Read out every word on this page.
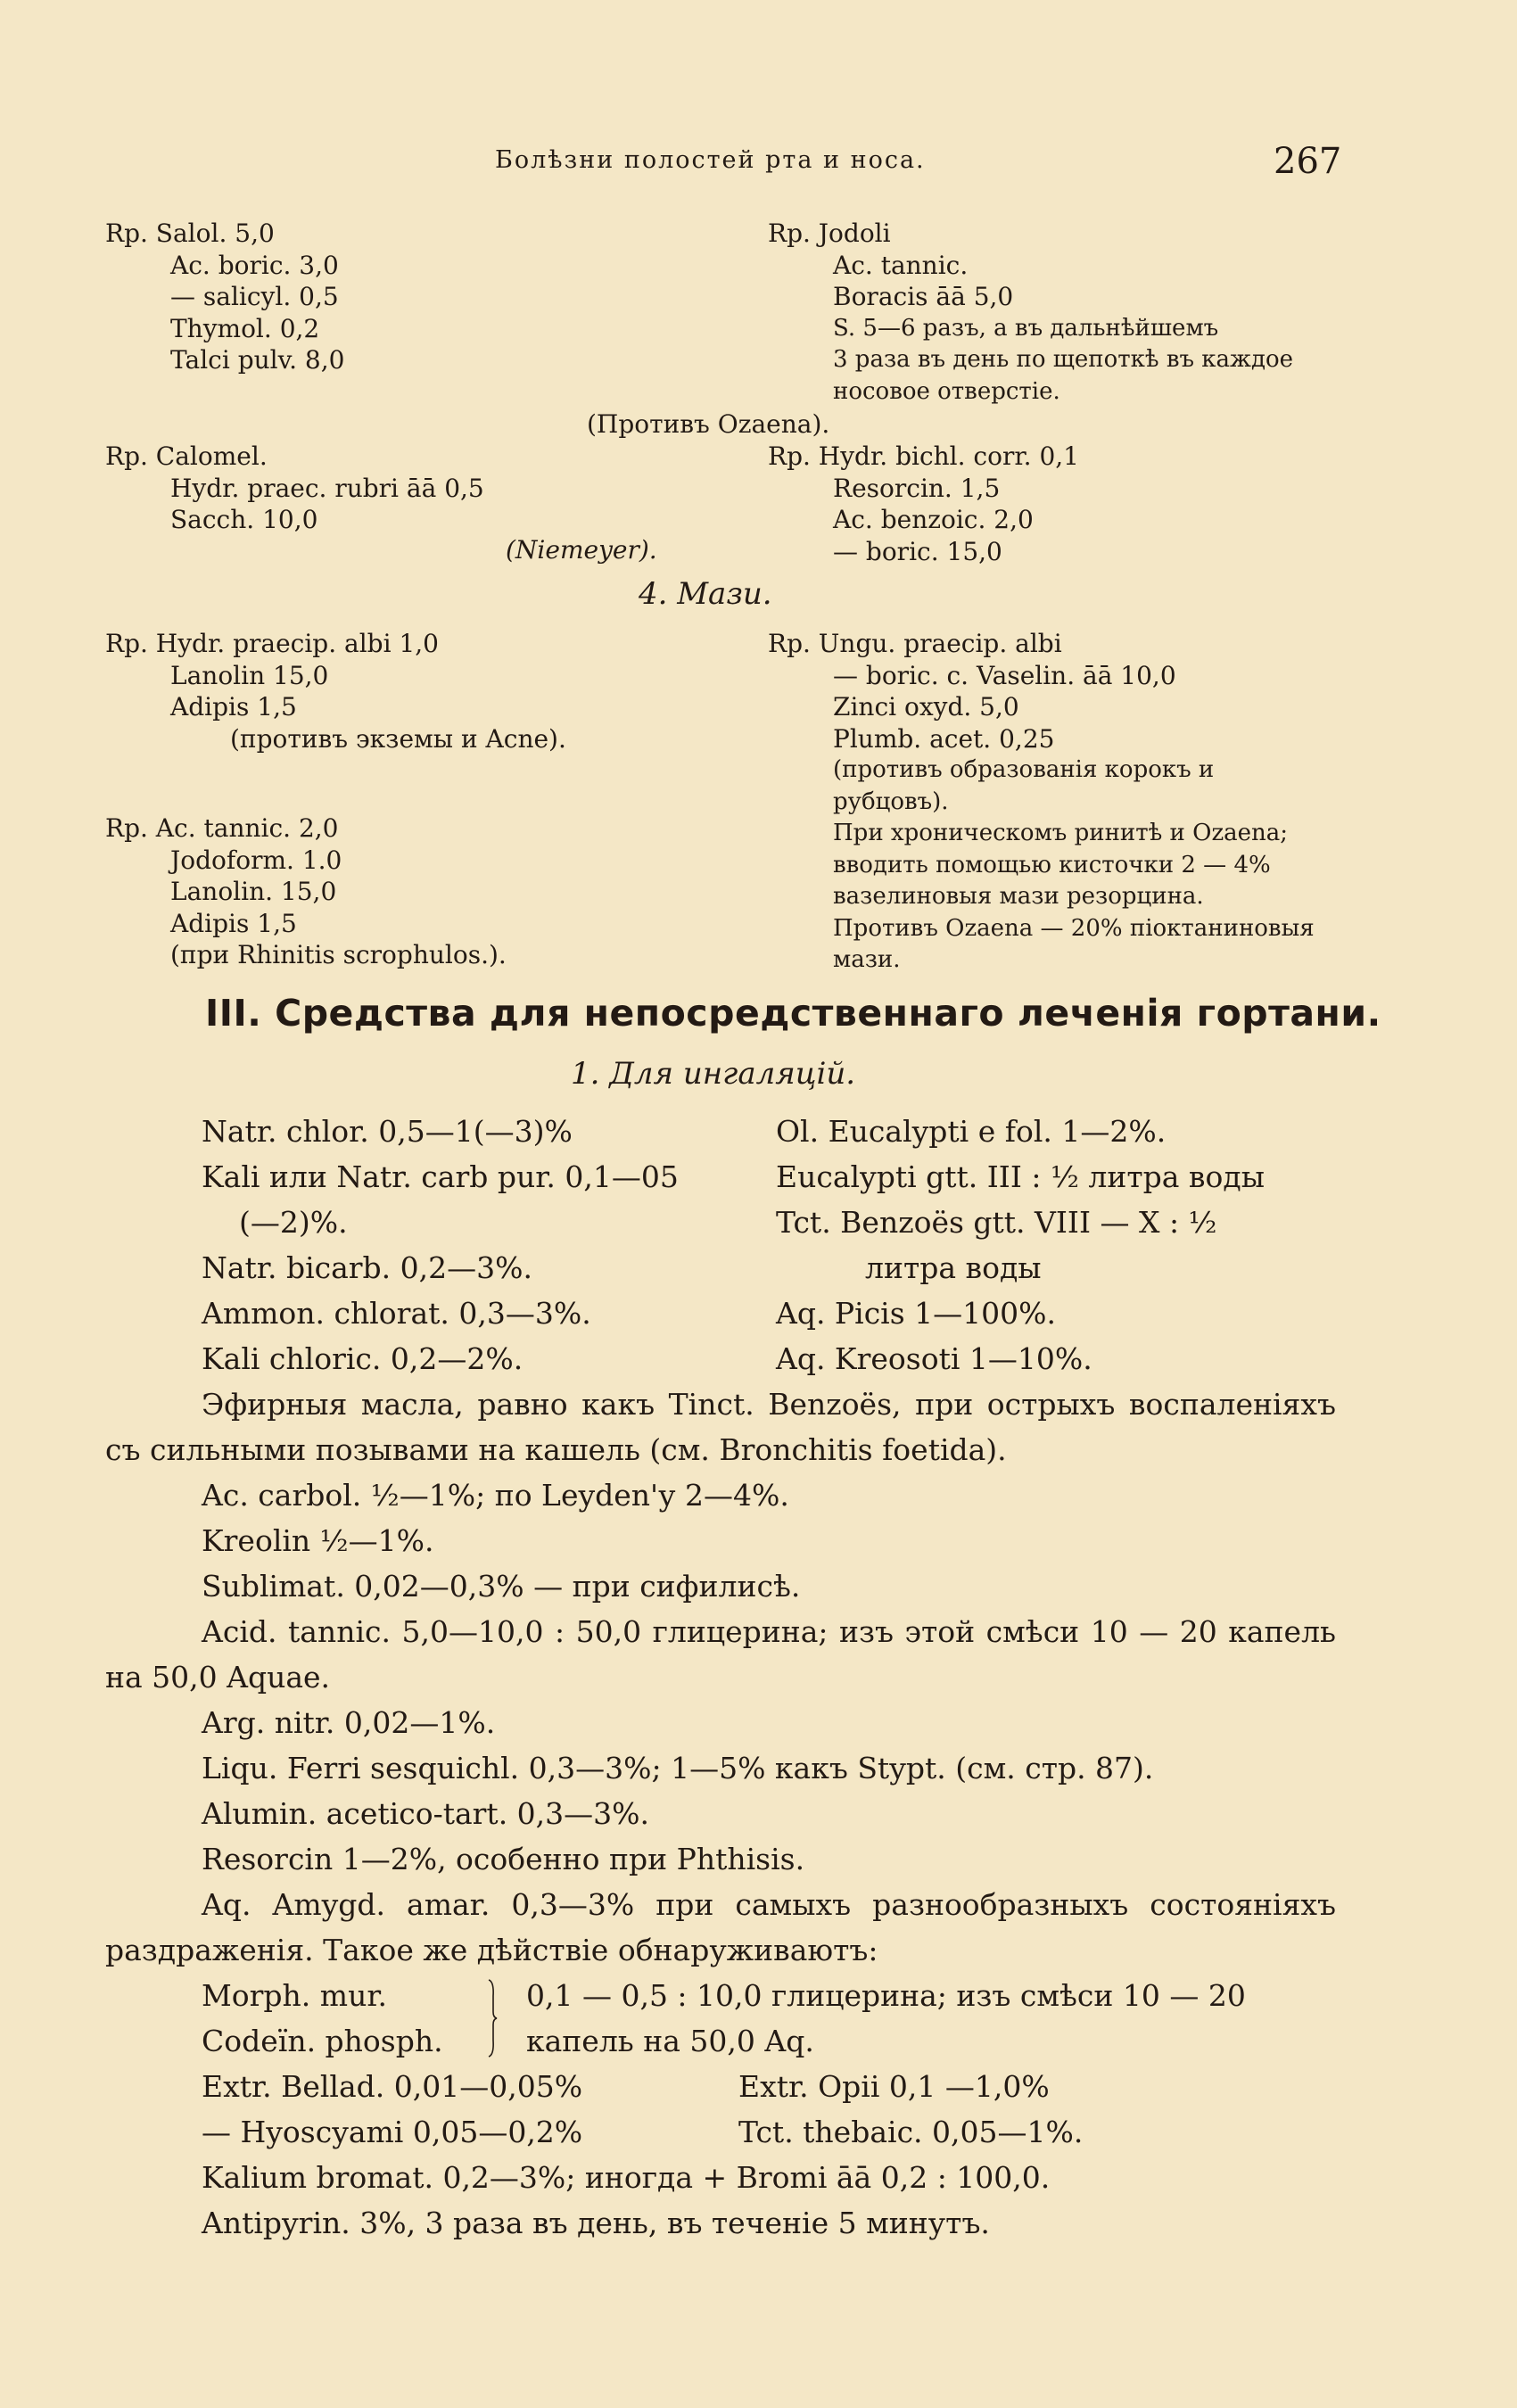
Болѣзни полостей рта и носа.	267
Rp. Salol. 5,0
Ac. boric. 3,0
— salicyl. 0,5
Thymol. 0,2
Talci pulv. 8,0
Rp. Jodoli
Ac. tannic.
Boracis āā 5,0
S. 5—6 разъ, а въ дальнѣйшемъ
3 раза въ день по щепоткѣ въ каждое носовое отверстіе.
(Противъ Ozaena).
Rp. Calomel.
Hydr. praec. rubri āā 0,5
Sacch. 10,0
(Niemeyer).
Rp. Hydr. bichl. corr. 0,1
Resorcin. 1,5
Ac. benzoic. 2,0
— boric. 15,0
4. Мази.
Rp. Hydr. praecip. albi 1,0
Lanolin 15,0
Adipis 1,5
(противъ экземы и Acne).
Rp. Ungu. praecip. albi
— boric. c. Vaselin. āā 10,0
Zinci oxyd. 5,0
Plumb. acet. 0,25
(противъ образованія корокъ и рубцовъ).
При хроническомъ ринитѣ и Ozaena; вводить помощью кисточки 2 — 4% вазелиновыя мази резорцина.
Противъ Ozaena — 20% піоктаниновыя мази.
Rp. Ac. tannic. 2,0
Jodoform. 1.0
Lanolin. 15,0
Adipis 1,5
(при Rhinitis scrophulos.).
III. Средства для непосредственнаго леченія гортани.
1. Для ингаляцій.
Natr. chlor. 0,5—1(—3)%	Ol. Eucalypti e fol. 1—2%.
Kali или Natr. carb pur. 0,1—05	Eucalypti gtt. III : ½ литра воды
(—2)%.	Tct. Benzoës gtt. VIII — X : ½
Natr. bicarb. 0,2—3%.	литра воды
Ammon. chlorat. 0,3—3%.	Aq. Picis 1—100%.
Kali chloric. 0,2—2%.	Aq. Kreosoti 1—10%.
Эфирныя масла, равно какъ Tinct. Benzoës, при острыхъ воспаленіяхъ съ сильными позывами на кашель (см. Bronchitis foetida).
Ac. carbol. ½—1%; по Leyden'у 2—4%.
Kreolin ½—1%.
Sublimat. 0,02—0,3% — при сифилисѣ.
Acid. tannic. 5,0—10,0 : 50,0 глицерина; изъ этой смѣси 10 — 20 капель на 50,0 Aquae.
Arg. nitr. 0,02—1%.
Liqu. Ferri sesquichl. 0,3—3%; 1—5% какъ Stypt. (см. стр. 87).
Alumin. acetico-tart. 0,3—3%.
Resorcin 1—2%, особенно при Phthisis.
Aq. Amygd. amar. 0,3—3% при самыхъ разнообразныхъ состояніяхъ раздраженія. Такое же дѣйствіе обнаруживаютъ:
Morph. mur.
Codeïn. phosph.
0,1 — 0,5 : 10,0 глицерина; изъ смѣси 10 — 20
капель на 50,0 Aq.
Extr. Bellad. 0,01—0,05%	Extr. Opii 0,1 —1,0%
— Hyoscyami 0,05—0,2%	Tct. thebaic. 0,05—1%.
Kalium bromat. 0,2—3%; иногда + Bromi āā 0,2 : 100,0.
Antipyrin. 3%, 3 раза въ день, въ теченіе 5 минутъ.
